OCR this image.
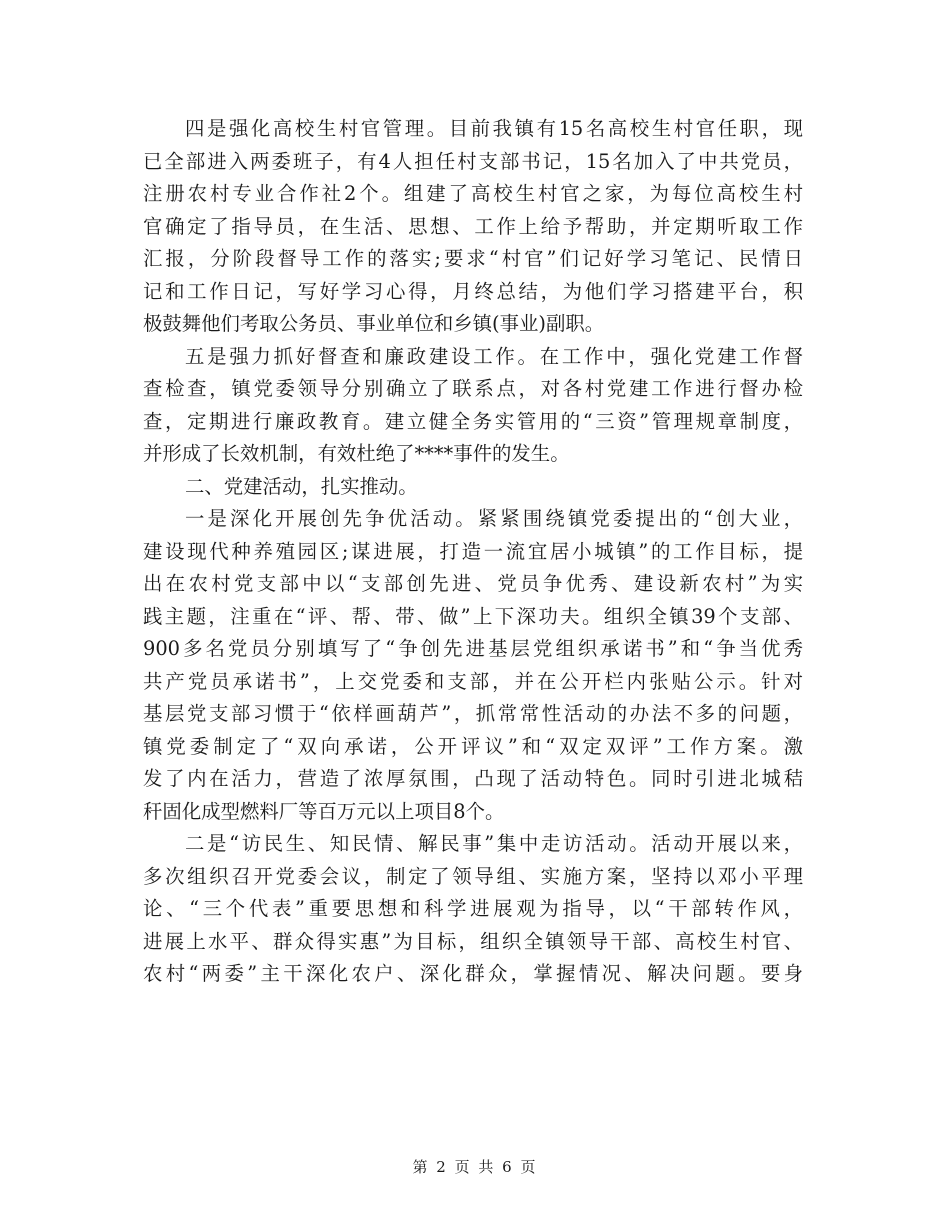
四是强化高校生村官管理。目前我镇有15名高校生村官任职，现
已全部进入两委班子，有4人担任村支部书记，15名加入了中共党员，
注册农村专业合作社2个。组建了高校生村官之家，为每位高校生村
官确定了指导员，在生活、思想、工作上给予帮助，并定期听取工作
汇报，分阶段督导工作的落实;要求“村官”们记好学习笔记、民情日
记和工作日记，写好学习心得，月终总结，为他们学习搭建平台，积
极鼓舞他们考取公务员、事业单位和乡镇(事业)副职。
五是强力抓好督查和廉政建设工作。在工作中，强化党建工作督
查检查，镇党委领导分别确立了联系点，对各村党建工作进行督办检
查，定期进行廉政教育。建立健全务实管用的“三资”管理规章制度，
并形成了长效机制，有效杜绝了****事件的发生。
二、党建活动，扎实推动。
一是深化开展创先争优活动。紧紧围绕镇党委提出的“创大业，
建设现代种养殖园区;谋进展，打造一流宜居小城镇”的工作目标，提
出在农村党支部中以“支部创先进、党员争优秀、建设新农村”为实
践主题，注重在“评、帮、带、做”上下深功夫。组织全镇39个支部、
900多名党员分别填写了“争创先进基层党组织承诺书”和“争当优秀
共产党员承诺书”，上交党委和支部，并在公开栏内张贴公示。针对
基层党支部习惯于“依样画葫芦”，抓常常性活动的办法不多的问题，
镇党委制定了“双向承诺，公开评议”和“双定双评”工作方案。激
发了内在活力，营造了浓厚氛围，凸现了活动特色。同时引进北城秸
秆固化成型燃料厂等百万元以上项目8个。
二是“访民生、知民情、解民事”集中走访活动。活动开展以来，
多次组织召开党委会议，制定了领导组、实施方案，坚持以邓小平理
论、“三个代表”重要思想和科学进展观为指导，以“干部转作风，
进展上水平、群众得实惠”为目标，组织全镇领导干部、高校生村官、
农村“两委”主干深化农户、深化群众，掌握情况、解决问题。要身
第 2 页 共 6 页
